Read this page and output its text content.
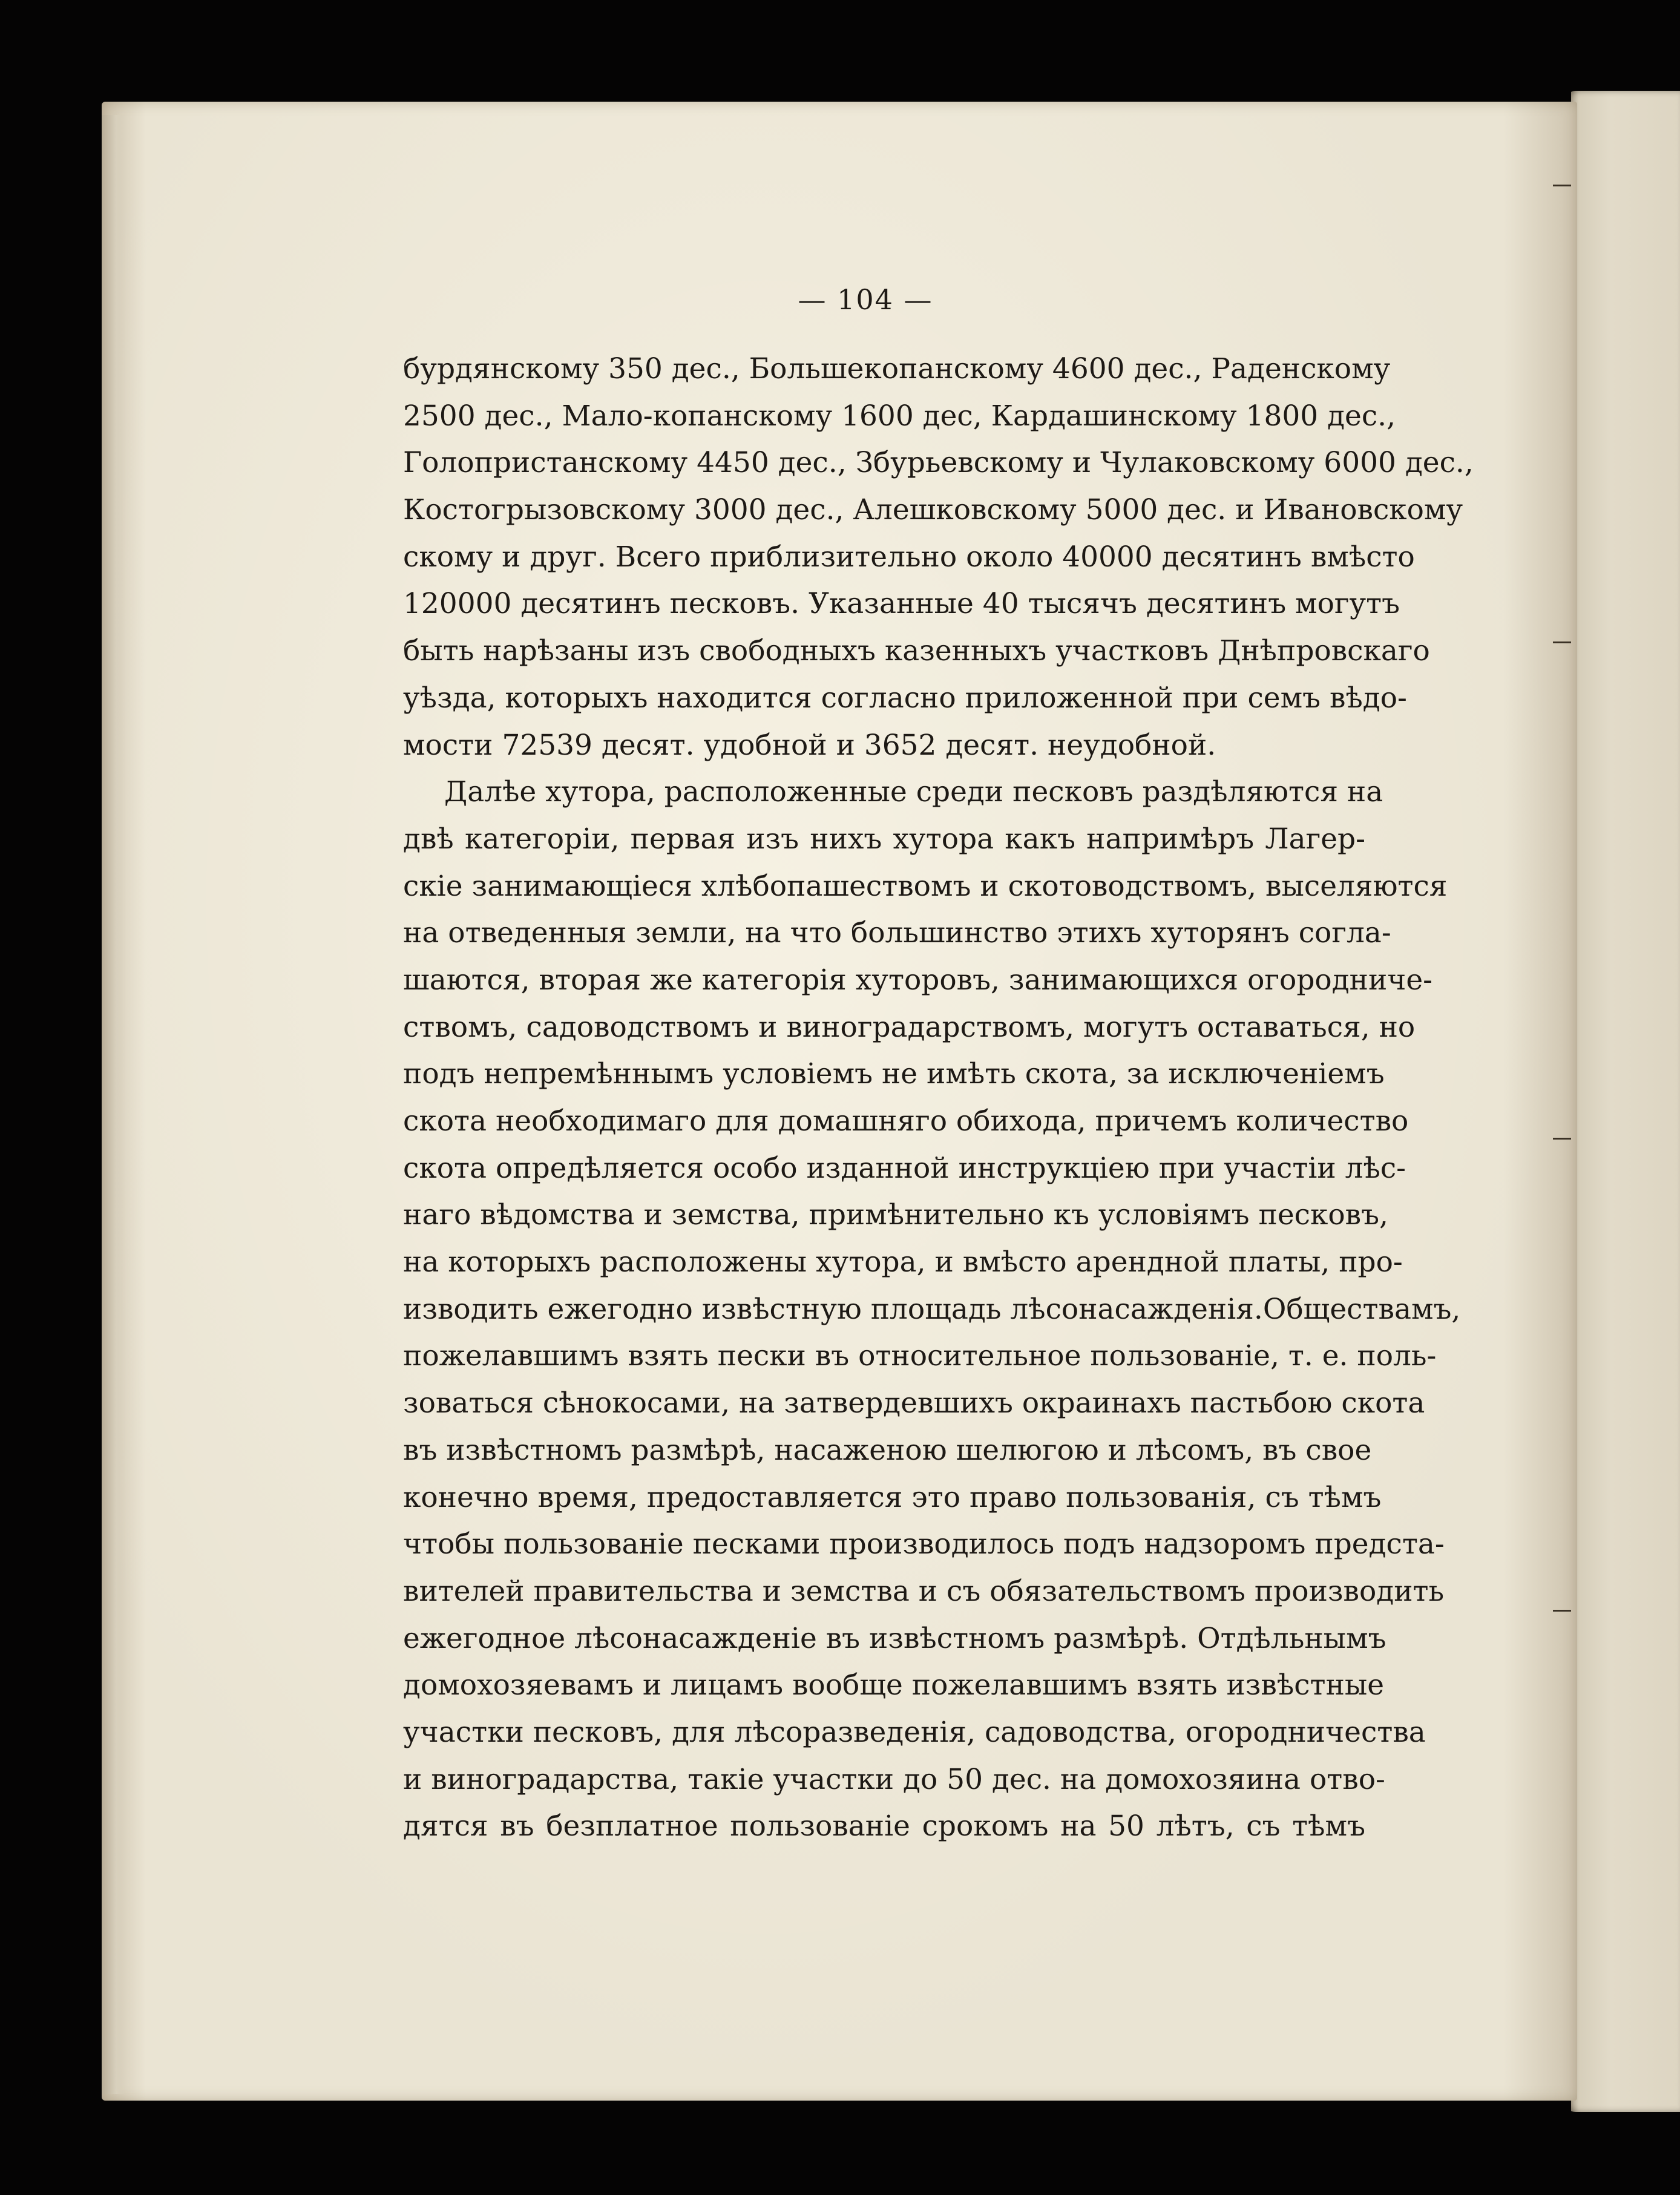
— 104 —
бурдянскому 350 дес., Большекопанскому 4600 дес., Раденскому
2500 дес., Мало-копанскому 1600 дес, Кардашинскому 1800 дес.,
Голопристанскому 4450 дес., Збурьевскому и Чулаковскому 6000 дес.,
Костогрызовскому 3000 дес., Алешковскому 5000 дес. и Ивановскому
скому и друг. Всего приблизительно около 40000 десятинъ вмѣсто
120000 десятинъ песковъ. Указанные 40 тысячъ десятинъ могутъ
быть нарѣзаны изъ свободныхъ казенныхъ участковъ Днѣпровскаго
уѣзда, которыхъ находится согласно приложенной при семъ вѣдо-
мости 72539 десят. удобной и 3652 десят. неудобной.
Далѣе хутора, расположенные среди песковъ раздѣляются на
двѣ категоріи, первая изъ нихъ хутора какъ напримѣръ Лагер-
скіе занимающіеся хлѣбопашествомъ и скотоводствомъ, выселяются
на отведенныя земли, на что большинство этихъ хуторянъ согла-
шаются, вторая же категорія хуторовъ, занимающихся огородниче-
ствомъ, садоводствомъ и виноградарствомъ, могутъ оставаться, но
подъ непремѣннымъ условіемъ не имѣть скота, за исключеніемъ
скота необходимаго для домашняго обихода, причемъ количество
скота опредѣляется особо изданной инструкціею при участіи лѣс-
наго вѣдомства и земства, примѣнительно къ условіямъ песковъ,
на которыхъ расположены хутора, и вмѣсто арендной платы, про-
изводить ежегодно извѣстную площадь лѣсонасажденія.Обществамъ,
пожелавшимъ взять пески въ относительное пользованіе, т. е. поль-
зоваться сѣнокосами, на затвердевшихъ окраинахъ пастьбою скота
въ извѣстномъ размѣрѣ, насаженою шелюгою и лѣсомъ, въ свое
конечно время, предоставляется это право пользованія, съ тѣмъ
чтобы пользованіе песками производилось подъ надзоромъ предста-
вителей правительства и земства и съ обязательствомъ производить
ежегодное лѣсонасажденіе въ извѣстномъ размѣрѣ. Отдѣльнымъ
домохозяевамъ и лицамъ вообще пожелавшимъ взять извѣстные
участки песковъ, для лѣсоразведенія, садоводства, огородничества
и виноградарства, такіе участки до 50 дес. на домохозяина отво-
дятся въ безплатное пользованіе срокомъ на 50 лѣтъ, съ тѣмъ
